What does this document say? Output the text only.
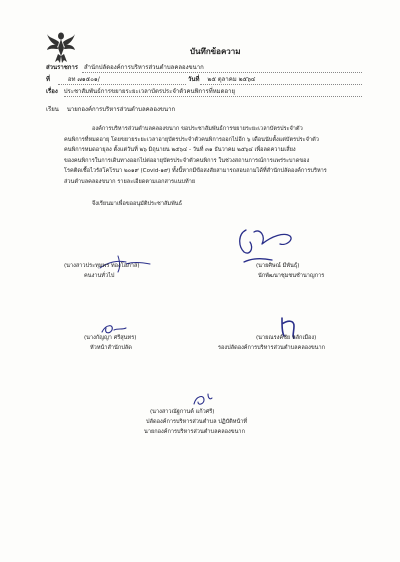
บันทึกข้อความ
ส่วนราชการ สำนักปลัดองค์การบริหารส่วนตำบลคลองขนาก
ที่	อท ๗๑๕๐๑/	วันที่ ๒๕ ตุลาคม ๒๕๖๔
เรื่อง ประชาสัมพันธ์การขยายระยะเวลาบัตรประจำตัวคนพิการที่หมดอายุ
เรียน นายกองค์การบริหารส่วนตำบลคลองขนาก
องค์การบริหารส่วนตำบลคลองขนาก ขอประชาสัมพันธ์การขยายระยะเวลาบัตรประจำตัว
คนพิการที่หมดอายุ โดยขยายระยะเวลาอายุบัตรประจำตัวคนพิการออกไปอีก ๖ เดือนนับตั้งแต่บัตรประจำตัว
คนพิการหมดอายุลง ตั้งแต่วันที่ ๒๖ มิถุนายน ๒๕๖๔ - วันที่ ๓๑ ธันวาคม ๒๕๖๔ เพื่อลดความเสี่ยง
ของคนพิการในการเดินทางออกไปต่ออายุบัตรประจำตัวคนพิการ ในช่วงสถานการณ์การแพร่ระบาดของ
โรคติดเชื้อไวรัสโคโรนา ๒๐๑๙ (Covid-๑๙) ทั้งนี้หากมีข้อสงสัยสามารถสอบถามได้ที่สำนักปลัดองค์การบริหาร
ส่วนตำบลคลองขนาก รายละเอียดตามเอกสารแนบท้าย
จึงเรียนมาเพื่อขออนุมัติประชาสัมพันธ์
(นางสาวประทุมพร ทองโอภาส)
คนงานทั่วไป
(นายศิษณ์ มีพันธุ์)
นักพัฒนาชุมชนชำนาญการ
(นางกัญญา ศรีสุนทร)
หัวหน้าสำนักปลัด
(นายณรงค์ชัย หลักเมือง)
รองปลัดองค์การบริหารส่วนตำบลคลองขนาก
(นางสาวณัฐกานต์ แก้วศรี)
ปลัดองค์การบริหารส่วนตำบล ปฏิบัติหน้าที่
นายกองค์การบริหารส่วนตำบลคลองขนาก
